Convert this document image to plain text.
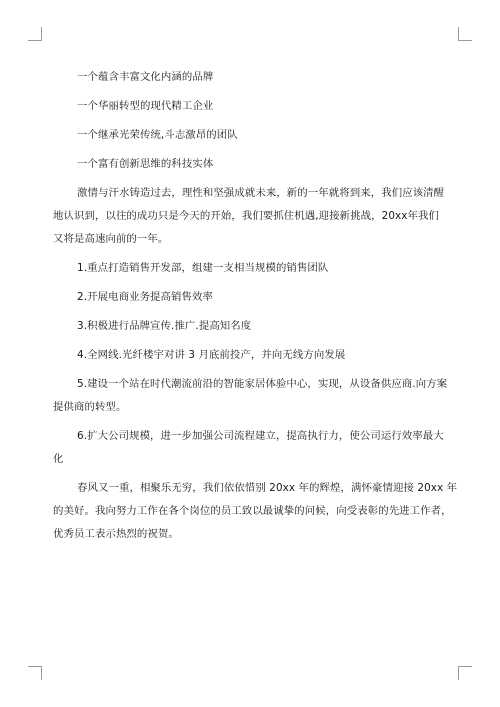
一个蕴含丰富文化内涵的品牌
一个华丽转型的现代精工企业
一个继承光荣传统,斗志激昂的团队
一个富有创新思维的科技实体
激情与汗水铸造过去，理性和坚强成就未来，新的一年就将到来，我们应该清醒
地认识到，以往的成功只是今天的开始，我们要抓住机遇,迎接新挑战，20xx年我们
又将是高速向前的一年。
1.重点打造销售开发部，组建一支相当规模的销售团队
2.开展电商业务提高销售效率
3.积极进行品牌宣传.推广.提高知名度
4.全网线.光纤楼宇对讲 3 月底前投产，并向无线方向发展
5.建设一个站在时代潮流前沿的智能家居体验中心，实现，从设备供应商.向方案
提供商的转型。
6.扩大公司规模，进一步加强公司流程建立，提高执行力，使公司运行效率最大
化
春风又一重，相聚乐无穷，我们依依惜别 20xx 年的辉煌，满怀豪情迎接 20xx 年
的美好。我向努力工作在各个岗位的员工致以最诚挚的问候，向受表彰的先进工作者，
优秀员工表示热烈的祝贺。
